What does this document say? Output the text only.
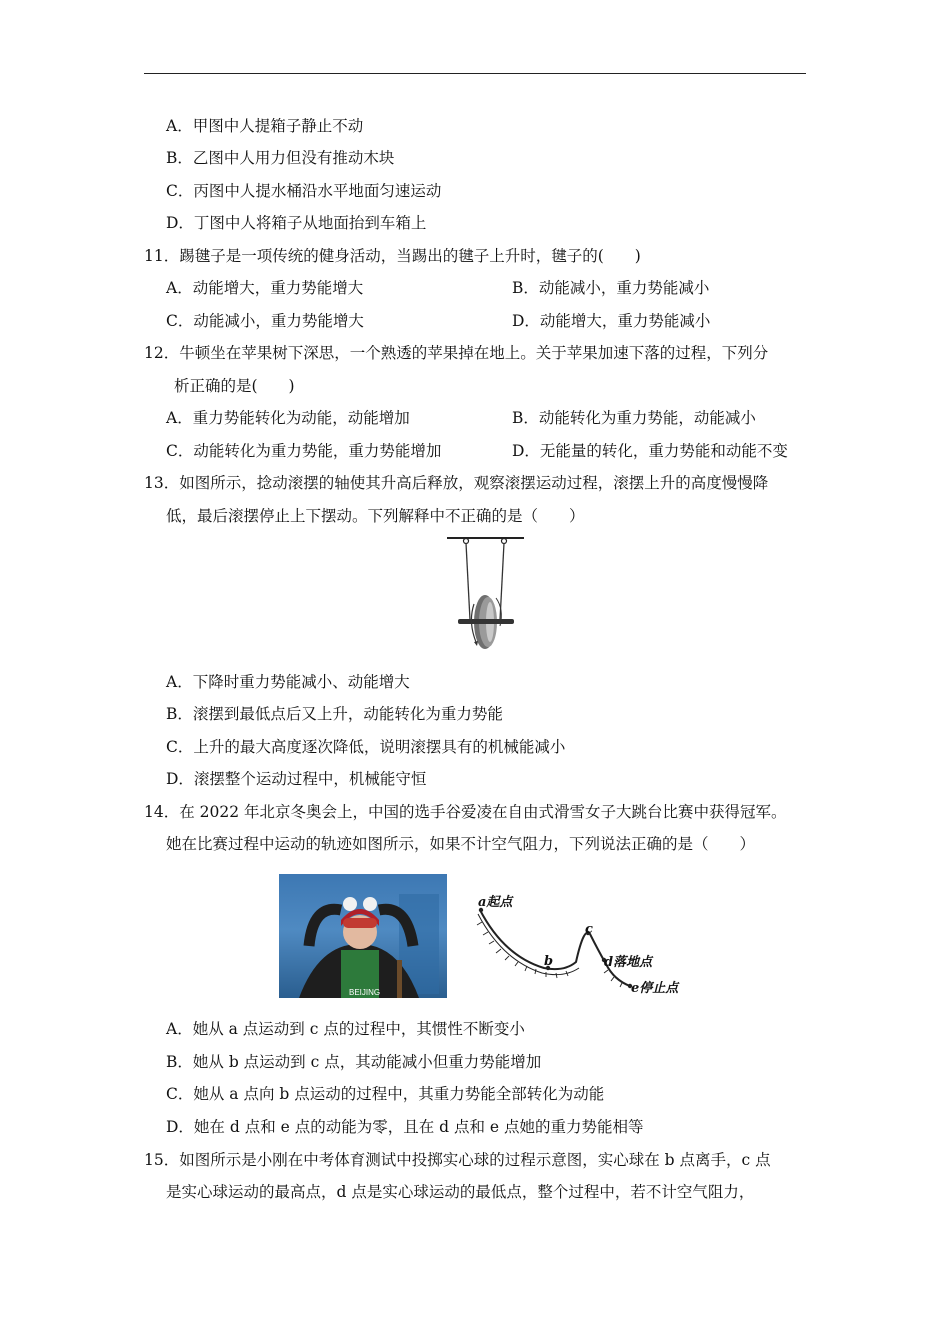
A．甲图中人提箱子静止不动
B．乙图中人用力但没有推动木块
C．丙图中人提水桶沿水平地面匀速运动
D．丁图中人将箱子从地面抬到车箱上
11．踢毽子是一项传统的健身活动，当踢出的毽子上升时，毽子的(　　)
A．动能增大，重力势能增大	B．动能减小，重力势能减小
C．动能减小，重力势能增大	D．动能增大，重力势能减小
12．牛顿坐在苹果树下深思，一个熟透的苹果掉在地上。关于苹果加速下落的过程，下列分
析正确的是(　　)
A．重力势能转化为动能，动能增加	B．动能转化为重力势能，动能减小
C．动能转化为重力势能，重力势能增加	D．无能量的转化，重力势能和动能不变
13．如图所示，捻动滚摆的轴使其升高后释放，观察滚摆运动过程，滚摆上升的高度慢慢降
低，最后滚摆停止上下摆动。下列解释中不正确的是（　　）
A．下降时重力势能减小、动能增大
B．滚摆到最低点后又上升，动能转化为重力势能
C．上升的最大高度逐次降低，说明滚摆具有的机械能减小
D．滚摆整个运动过程中，机械能守恒
14．在 2022 年北京冬奥会上，中国的选手谷爱凌在自由式滑雪女子大跳台比赛中获得冠军。
她在比赛过程中运动的轨迹如图所示，如果不计空气阻力，下列说法正确的是（　　）
BEIJING
a起点
b
c
d落地点
e停止点
A．她从 a 点运动到 c 点的过程中，其惯性不断变小
B．她从 b 点运动到 c 点，其动能减小但重力势能增加
C．她从 a 点向 b 点运动的过程中，其重力势能全部转化为动能
D．她在 d 点和 e 点的动能为零，且在 d 点和 e 点她的重力势能相等
15．如图所示是小刚在中考体育测试中投掷实心球的过程示意图，实心球在 b 点离手，c 点
是实心球运动的最高点，d 点是实心球运动的最低点，整个过程中，若不计空气阻力，
